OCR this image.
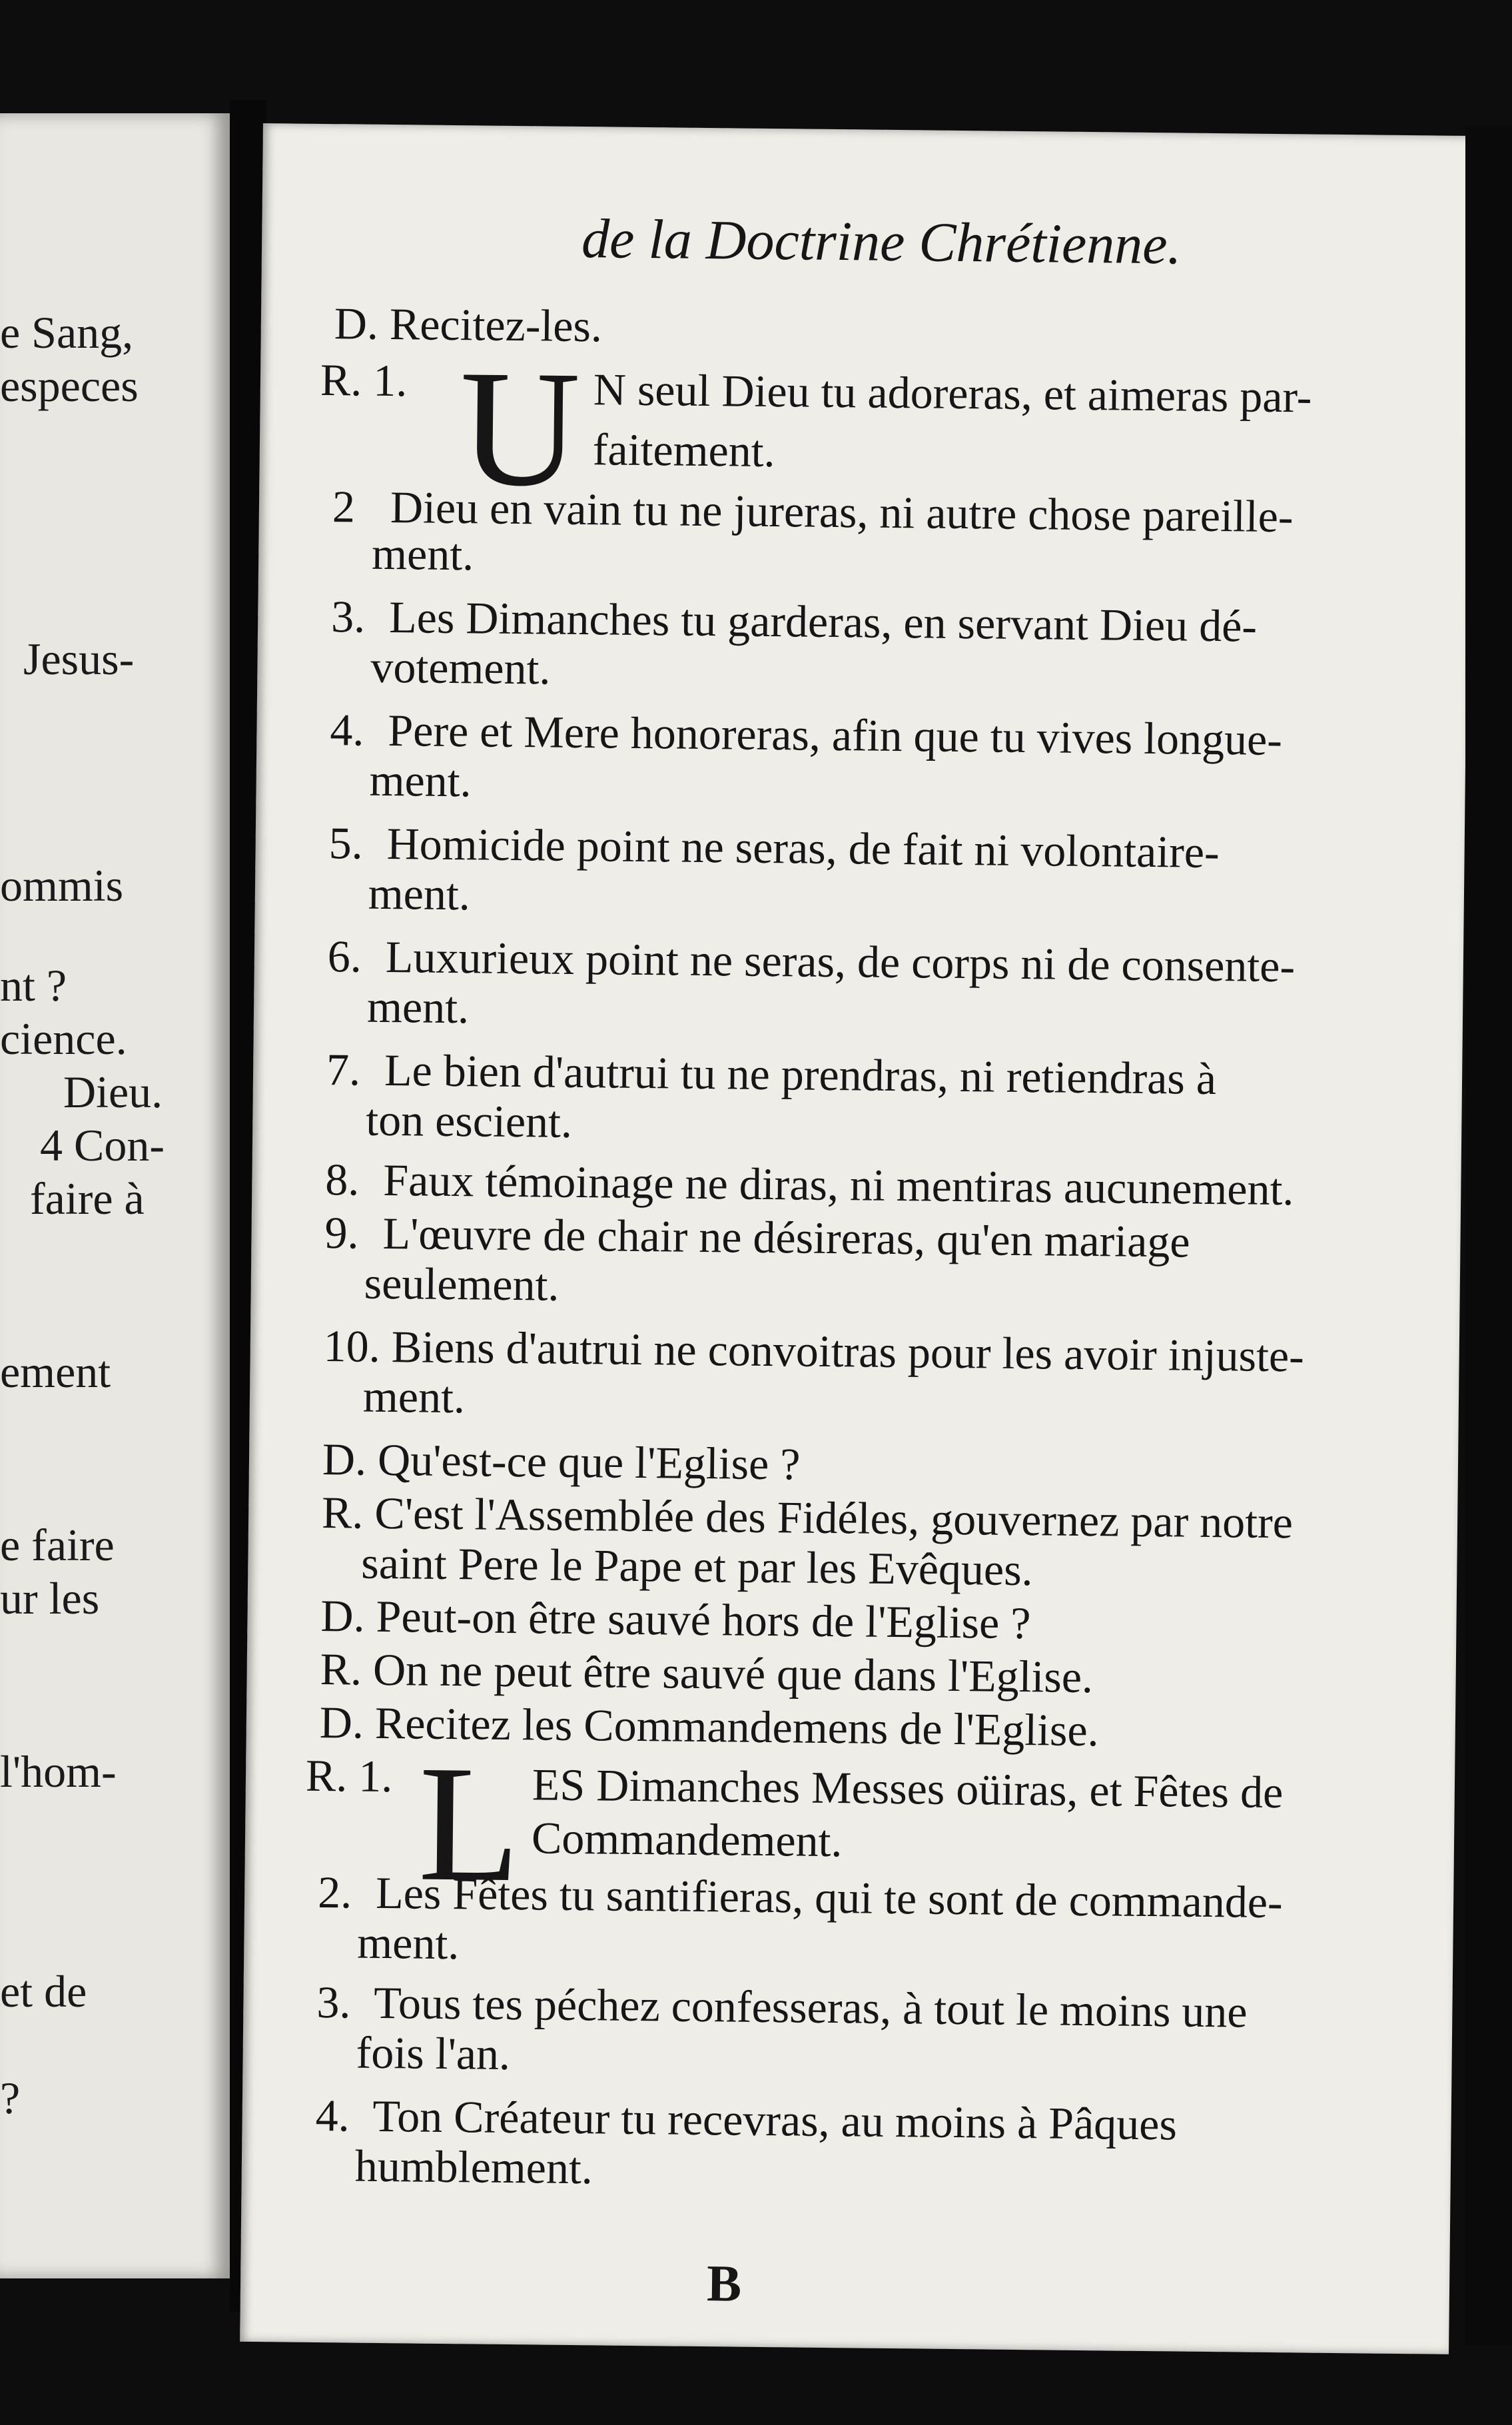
e Sang,
especes
Jesus-
ommis
nt ?
cience.
Dieu.
4 Con-
faire à
ement
e faire
ur les
l'hom-
et de
?
de la Doctrine Chrétienne.
D. Recitez-les.
R. 1. U N seul Dieu tu adoreras, et aimeras par-
faitement.
2 Dieu en vain tu ne jureras, ni autre chose pareille-
ment.
3. Les Dimanches tu garderas, en servant Dieu dé-
votement.
4. Pere et Mere honoreras, afin que tu vives longue-
ment.
5. Homicide point ne seras, de fait ni volontaire-
ment.
6. Luxurieux point ne seras, de corps ni de consente-
ment.
7. Le bien d'autrui tu ne prendras, ni retiendras à
ton escient.
8. Faux témoinage ne diras, ni mentiras aucunement.
9. L'œuvre de chair ne désireras, qu'en mariage
seulement.
10. Biens d'autrui ne convoitras pour les avoir injuste-
ment.
D. Qu'est-ce que l'Eglise ?
R. C'est l'Assemblée des Fidéles, gouvernez par notre
saint Pere le Pape et par les Evêques.
D. Peut-on être sauvé hors de l'Eglise ?
R. On ne peut être sauvé que dans l'Eglise.
D. Recitez les Commandemens de l'Eglise.
R. 1. L ES Dimanches Messes oüiras, et Fêtes de
Commandement.
2. Les Fêtes tu santifieras, qui te sont de commande-
ment.
3. Tous tes péchez confesseras, à tout le moins une
fois l'an.
4. Ton Créateur tu recevras, au moins à Pâques
humblement.
B
